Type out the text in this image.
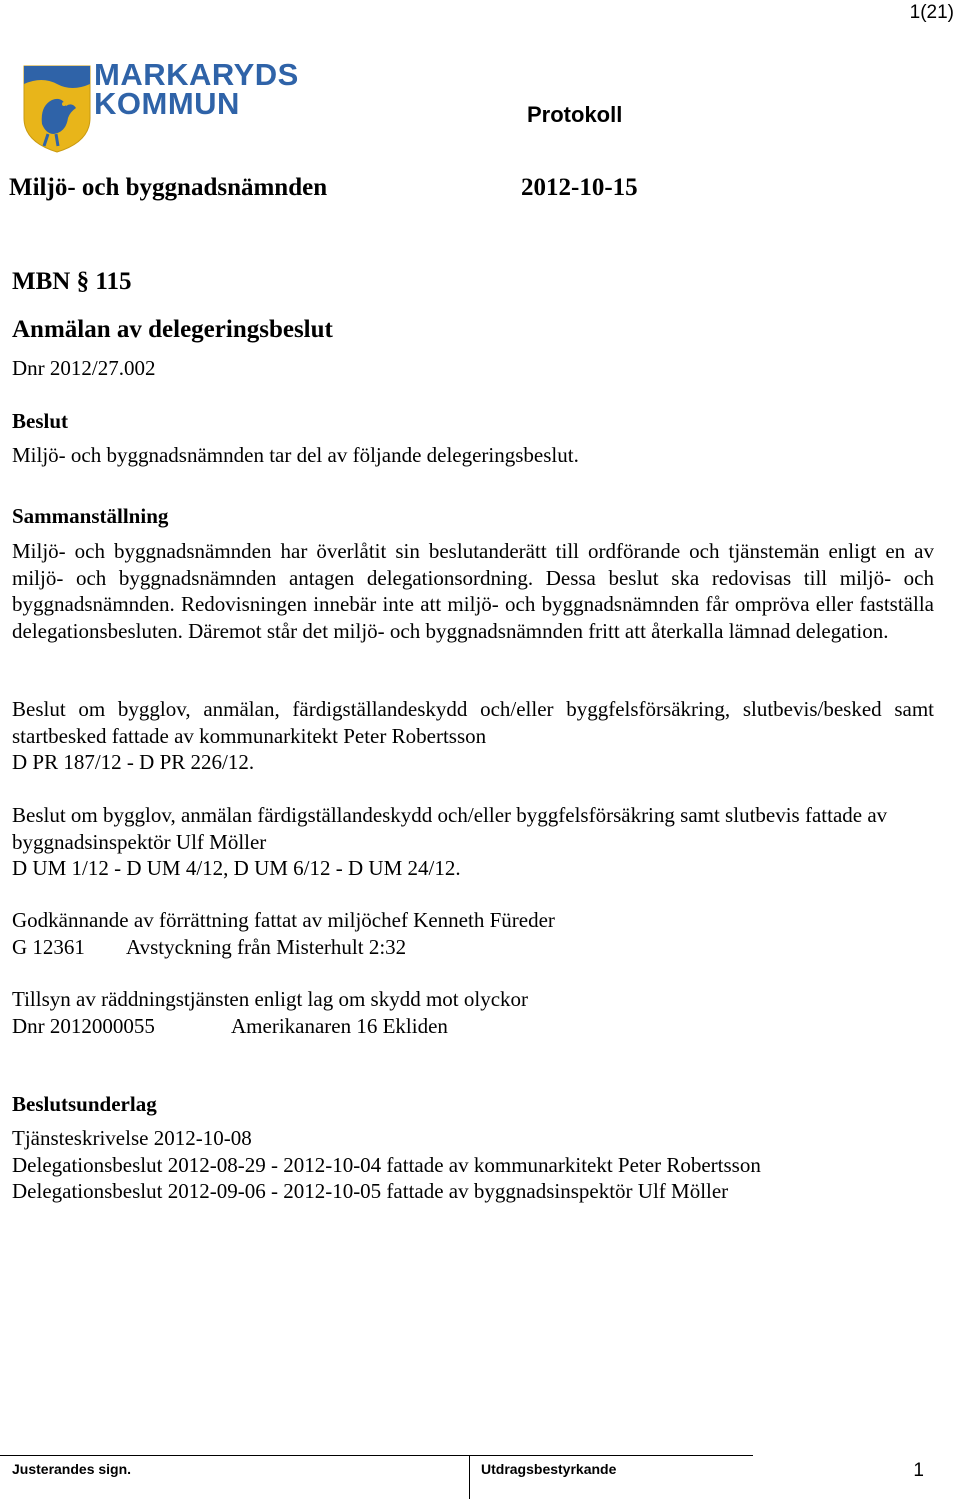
1(21)
MARKARYDS
KOMMUN	Protokoll
Miljö- och byggnadsnämnden	2012-10-15
MBN § 115
Anmälan av delegeringsbeslut
Dnr 2012/27.002
Beslut
Miljö- och byggnadsnämnden tar del av följande delegeringsbeslut.
Sammanställning
Miljö- och byggnadsnämnden har överlåtit sin beslutanderätt till ordförande och tjänstemän enligt en av miljö- och byggnadsnämnden antagen delegationsordning. Dessa beslut ska redovisas till miljö- och byggnadsnämnden. Redovisningen innebär inte att miljö- och byggnadsnämnden får ompröva eller fastställa delegationsbesluten. Däremot står det miljö- och byggnadsnämnden fritt att återkalla lämnad delegation.
Beslut om bygglov, anmälan, färdigställandeskydd och/eller byggfelsförsäkring, slutbevis/besked samt startbesked fattade av kommunarkitekt Peter Robertsson
D PR 187/12 - D PR 226/12.
Beslut om bygglov, anmälan färdigställandeskydd och/eller byggfelsförsäkring samt slutbevis fattade av byggnadsinspektör Ulf Möller
D UM 1/12 - D UM 4/12, D UM 6/12 - D UM 24/12.
Godkännande av förrättning fattat av miljöchef Kenneth Füreder
G 12361 Avstyckning från Misterhult 2:32
Tillsyn av räddningstjänsten enligt lag om skydd mot olyckor
Dnr 2012000055	Amerikanaren 16 Ekliden
Beslutsunderlag
Tjänsteskrivelse 2012-10-08
Delegationsbeslut 2012-08-29 - 2012-10-04 fattade av kommunarkitekt Peter Robertsson
Delegationsbeslut 2012-09-06 - 2012-10-05 fattade av byggnadsinspektör Ulf Möller
Justerandes sign.	Utdragsbestyrkande	1
